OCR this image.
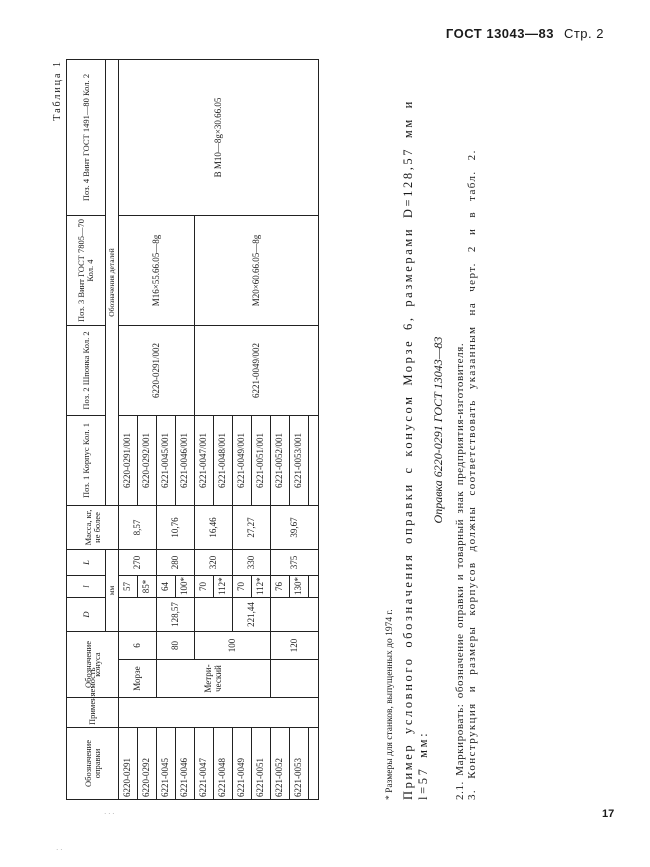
ГОСТ 13043—83 Стр. 2
Таблица 1
Обозначение оправки	Применяемость	Обозначение конуса		D	l	L	Масса, кг, не более	Поз. 1 Корпус Кол. 1	Поз. 2 Шпонка Кол. 2	Поз. 3 Винт ГОСТ 7805—70 Кол. 4	Поз. 4 Винт ГОСТ 1491—80 Кол. 2
				мм				Обозначения деталей			
6220-0291		Морзе	6		57	270	8,57	6220-0291/001	6220-0291/002	М16×55.66.05—8g	В М10—8g×30.66.05
6220-0292					85*			6220-0292/001			
6221-0045		Метри-ческий	80	128,57	64	280	10,76	6221-0045/001			
6221-0046					100*			6221-0046/001			
6221-0047			100		70	320	16,46	6221-0047/001	6221-0049/002	М20×60.66.05—8g	
6221-0048					112*			6221-0048/001			
6221-0049				221,44	70	330	27,27	6221-0049/001			
6221-0051					112*			6221-0051/001			
6221-0052			120		76	375	39,67	6221-0052/001			
6221-0053					130*			6221-0053/001			

* Размеры для станков, выпущенных до 1974 г. Пример условного обозначения оправки с конусом Морзе 6, размерами D=128,57 мм и l=57 мм:

Оправка 6220-0291 ГОСТ 13043—83 2.1. Маркировать: обозначение оправки и товарный знак предприятия-изготовителя. 3. Конструкция и размеры корпусов должны соответствовать указанным на черт. 2 и в табл. 2.

17
· · ·
· ·
